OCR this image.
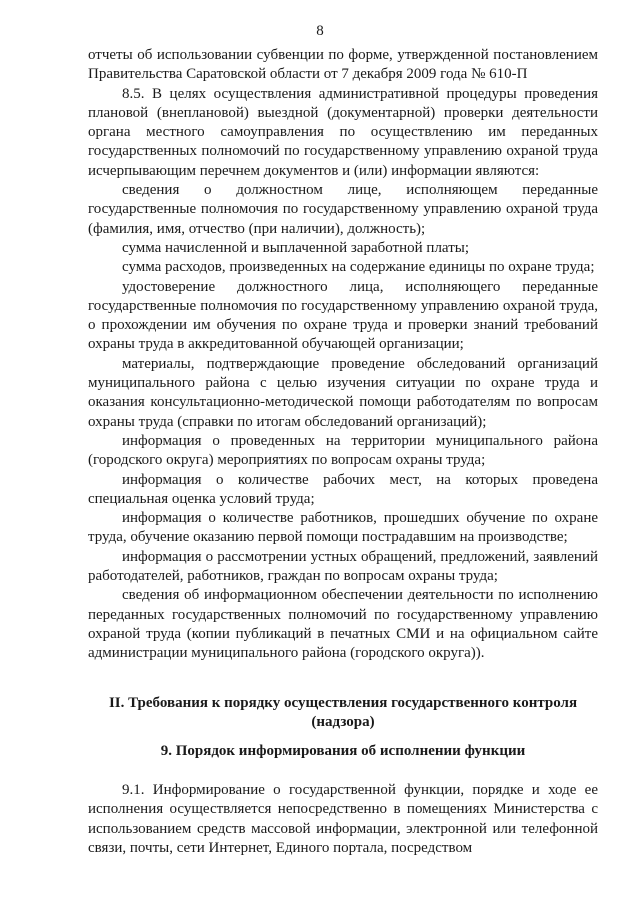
8

отчеты об использовании субвенции по форме, утвержденной постановлением Правительства Саратовской области от 7 декабря 2009 года № 610-П

8.5. В целях осуществления административной процедуры проведения плановой (внеплановой) выездной (документарной) проверки деятельности органа местного самоуправления по осуществлению им переданных государственных полномочий по государственному управлению охраной труда исчерпывающим перечнем документов и (или) информации являются:

сведения о должностном лице, исполняющем переданные государственные полномочия по государственному управлению охраной труда (фамилия, имя, отчество (при наличии), должность);

сумма начисленной и выплаченной заработной платы;

сумма расходов, произведенных на содержание единицы по охране труда;

удостоверение должностного лица, исполняющего переданные государственные полномочия по государственному управлению охраной труда, о прохождении им обучения по охране труда и проверки знаний требований охраны труда в аккредитованной обучающей организации;

материалы, подтверждающие проведение обследований организаций муниципального района с целью изучения ситуации по охране труда и оказания консультационно-методической помощи работодателям по вопросам охраны труда (справки по итогам обследований организаций);

информация о проведенных на территории муниципального района (городского округа) мероприятиях по вопросам охраны труда;

информация о количестве рабочих мест, на которых проведена специальная оценка условий труда;

информация о количестве работников, прошедших обучение по охране труда, обучение оказанию первой помощи пострадавшим на производстве;

информация о рассмотрении устных обращений, предложений, заявлений работодателей, работников, граждан по вопросам охраны труда;

сведения об информационном обеспечении деятельности по исполнению переданных государственных полномочий по государственному управлению охраной труда (копии публикаций в печатных СМИ и на официальном сайте администрации муниципального района (городского округа)).

II. Требования к порядку осуществления государственного контроля (надзора)
9. Порядок информирования об исполнении функции

9.1. Информирование о государственной функции, порядке и ходе ее исполнения осуществляется непосредственно в помещениях Министерства с использованием средств массовой информации, электронной или телефонной связи, почты, сети Интернет, Единого портала, посредством
